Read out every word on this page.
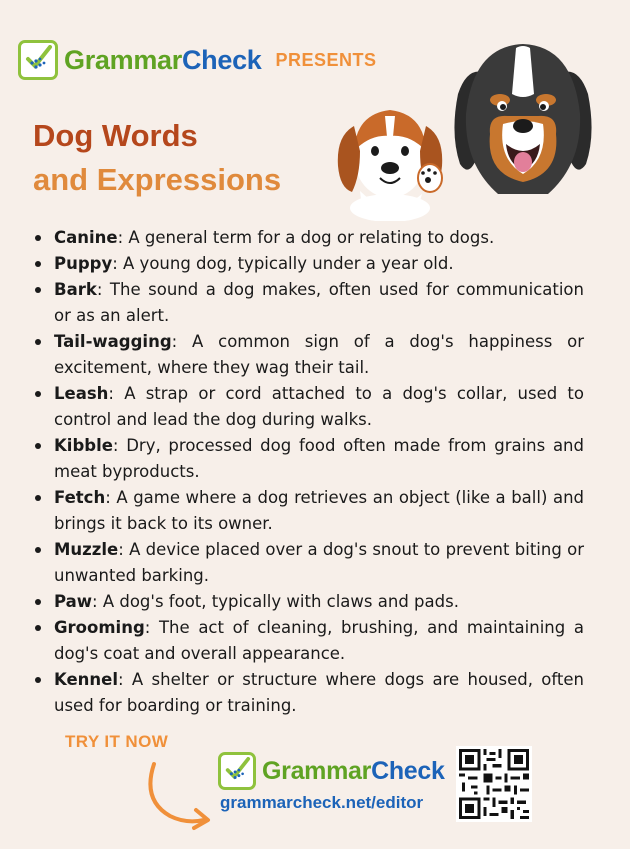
GrammarCheck PRESENTS
Dog Words
and Expressions
Canine: A general term for a dog or relating to dogs.
Puppy: A young dog, typically under a year old.
Bark: The sound a dog makes, often used for communication or as an alert.
Tail-wagging: A common sign of a dog's happiness or excitement, where they wag their tail.
Leash: A strap or cord attached to a dog's collar, used to control and lead the dog during walks.
Kibble: Dry, processed dog food often made from grains and meat byproducts.
Fetch: A game where a dog retrieves an object (like a ball) and brings it back to its owner.
Muzzle: A device placed over a dog's snout to prevent biting or unwanted barking.
Paw: A dog's foot, typically with claws and pads.
Grooming: The act of cleaning, brushing, and maintaining a dog's coat and overall appearance.
Kennel: A shelter or structure where dogs are housed, often used for boarding or training.
TRY IT NOW
GrammarCheck
grammarcheck.net/editor
